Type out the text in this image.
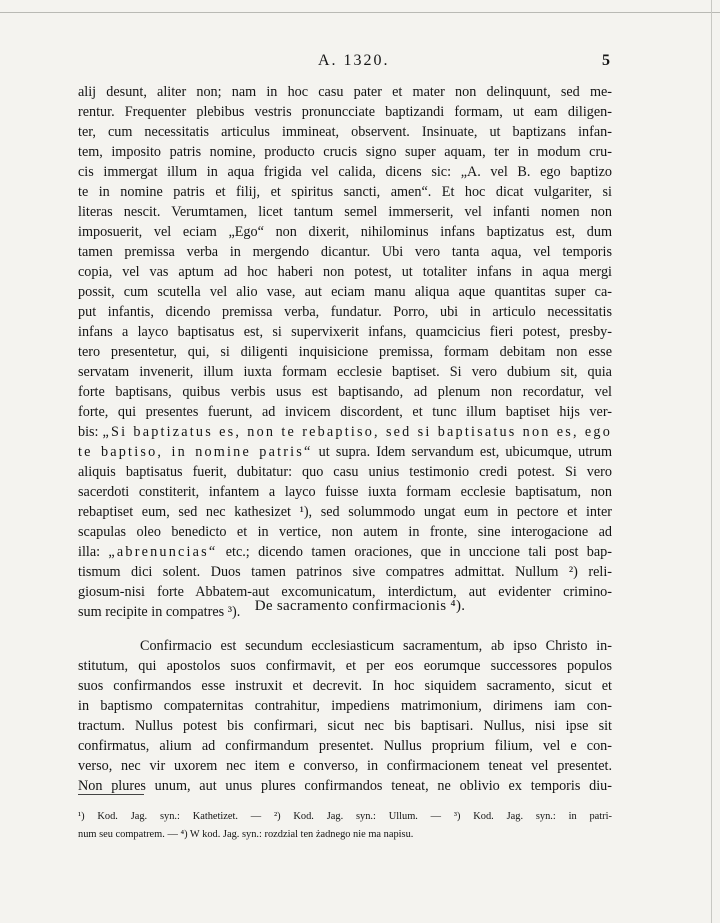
A. 1320.	5
alij desunt, aliter non; nam in hoc casu pater et mater non delinquunt, sed me-
rentur. Frequenter plebibus vestris pronuncciate baptizandi formam, ut eam diligen-
ter, cum necessitatis articulus immineat, observent. Insinuate, ut baptizans infan-
tem, imposito patris nomine, producto crucis signo super aquam, ter in modum cru-
cis immergat illum in aqua frigida vel calida, dicens sic: „A. vel B. ego baptizo
te in nomine patris et filij, et spiritus sancti, amen“. Et hoc dicat vulgariter, si
literas nescit. Verumtamen, licet tantum semel immerserit, vel infanti nomen non
imposuerit, vel eciam „Ego“ non dixerit, nihilominus infans baptizatus est, dum
tamen premissa verba in mergendo dicantur. Ubi vero tanta aqua, vel temporis
copia, vel vas aptum ad hoc haberi non potest, ut totaliter infans in aqua mergi
possit, cum scutella vel alio vase, aut eciam manu aliqua aque quantitas super ca-
put infantis, dicendo premissa verba, fundatur. Porro, ubi in articulo necessitatis
infans a layco baptisatus est, si supervixerit infans, quamcicius fieri potest, presby-
tero presentetur, qui, si diligenti inquisicione premissa, formam debitam non esse
servatam invenerit, illum iuxta formam ecclesie baptiset. Si vero dubium sit, quia
forte baptisans, quibus verbis usus est baptisando, ad plenum non recordatur, vel
forte, qui presentes fuerunt, ad invicem discordent, et tunc illum baptiset hijs ver-
bis: „Si baptizatus es, non te rebaptiso, sed si baptisatus non es, ego
te baptiso, in nomine patris“ ut supra. Idem servandum est, ubicumque, utrum
aliquis baptisatus fuerit, dubitatur: quo casu unius testimonio credi potest. Si vero
sacerdoti constiterit, infantem a layco fuisse iuxta formam ecclesie baptisatum, non
rebaptiset eum, sed nec kathesizet ¹), sed solummodo ungat eum in pectore et inter
scapulas oleo benedicto et in vertice, non autem in fronte, sine interogacione ad
illa: „abrenuncias“ etc.; dicendo tamen oraciones, que in unccione tali post bap-
tismum dici solent. Duos tamen patrinos sive compatres admittat. Nullum ²) reli-
giosum-nisi forte Abbatem-aut excomunicatum, interdictum, aut evidenter crimino-
sum recipite in compatres ³). De sacramento confirmacionis ⁴).
Confirmacio est secundum ecclesiasticum sacramentum, ab ipso Christo in-
stitutum, qui apostolos suos confirmavit, et per eos eorumque successores populos
suos confirmandos esse instruxit et decrevit. In hoc siquidem sacramento, sicut et
in baptismo compaternitas contrahitur, impediens matrimonium, dirimens iam con-
tractum. Nullus potest bis confirmari, sicut nec bis baptisari. Nullus, nisi ipse sit
confirmatus, alium ad confirmandum presentet. Nullus proprium filium, vel e con-
verso, nec vir uxorem nec item e converso, in confirmacionem teneat vel presentet.
Non plures unum, aut unus plures confirmandos teneat, ne oblivio ex temporis diu-
¹) Kod. Jag. syn.: Kathetizet. — ²) Kod. Jag. syn.: Ullum. — ³) Kod. Jag. syn.: in patri-
num seu compatrem. — ⁴) W kod. Jag. syn.: rozdzial ten żadnego nie ma napisu.
